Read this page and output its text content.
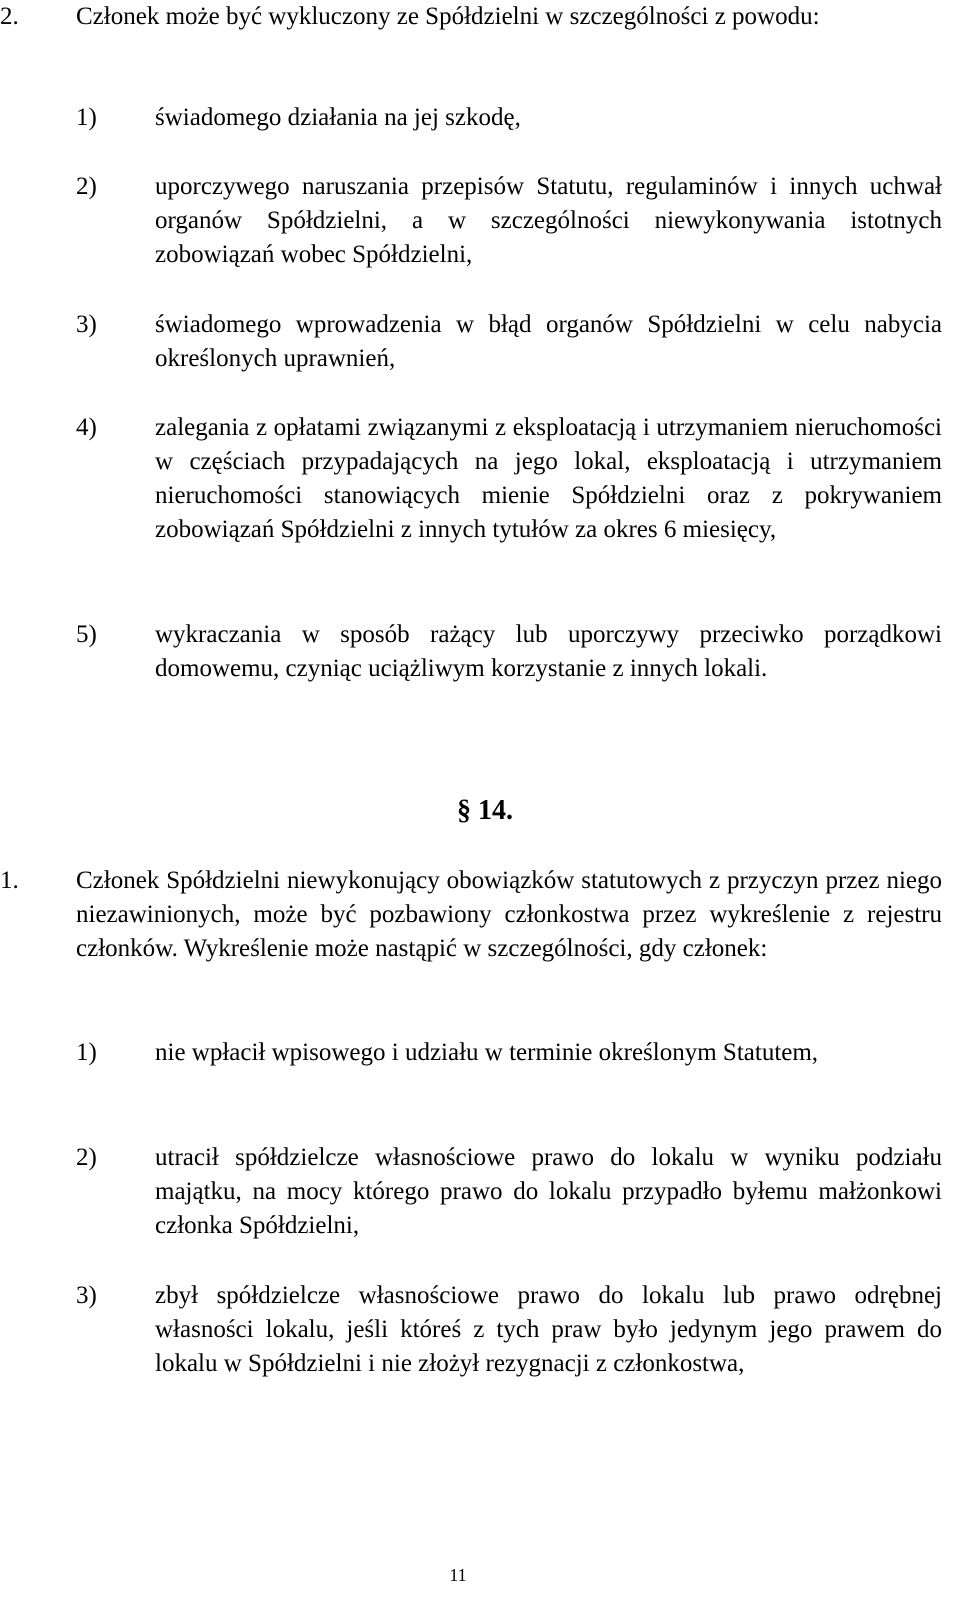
2. Członek może być wykluczony ze Spółdzielni w szczególności z powodu:
1) świadomego działania na jej szkodę,
2) uporczywego naruszania przepisów Statutu, regulaminów i innych uchwał organów Spółdzielni, a w szczególności niewykonywania istotnych zobowiązań wobec Spółdzielni,
3) świadomego wprowadzenia w błąd organów Spółdzielni w celu nabycia określonych uprawnień,
4) zalegania z opłatami związanymi z eksploatacją i utrzymaniem nieruchomości w częściach przypadających na jego lokal, eksploatacją i utrzymaniem nieruchomości stanowiących mienie Spółdzielni oraz z pokrywaniem zobowiązań Spółdzielni z innych tytułów za okres 6 miesięcy,
5) wykraczania w sposób rażący lub uporczywy przeciwko porządkowi domowemu, czyniąc uciążliwym korzystanie z innych lokali.
§ 14.
1. Członek Spółdzielni niewykonujący obowiązków statutowych z przyczyn przez niego niezawinionych, może być pozbawiony członkostwa przez wykreślenie z rejestru członków. Wykreślenie może nastąpić w szczególności, gdy członek:
1) nie wpłacił wpisowego i udziału w terminie określonym Statutem,
2) utracił spółdzielcze własnościowe prawo do lokalu w wyniku podziału majątku, na mocy którego prawo do lokalu przypadło byłemu małżonkowi członka Spółdzielni,
3) zbył spółdzielcze własnościowe prawo do lokalu lub prawo odrębnej własności lokalu, jeśli któreś z tych praw było jedynym jego prawem do lokalu w Spółdzielni i nie złożył rezygnacji z członkostwa,
11
